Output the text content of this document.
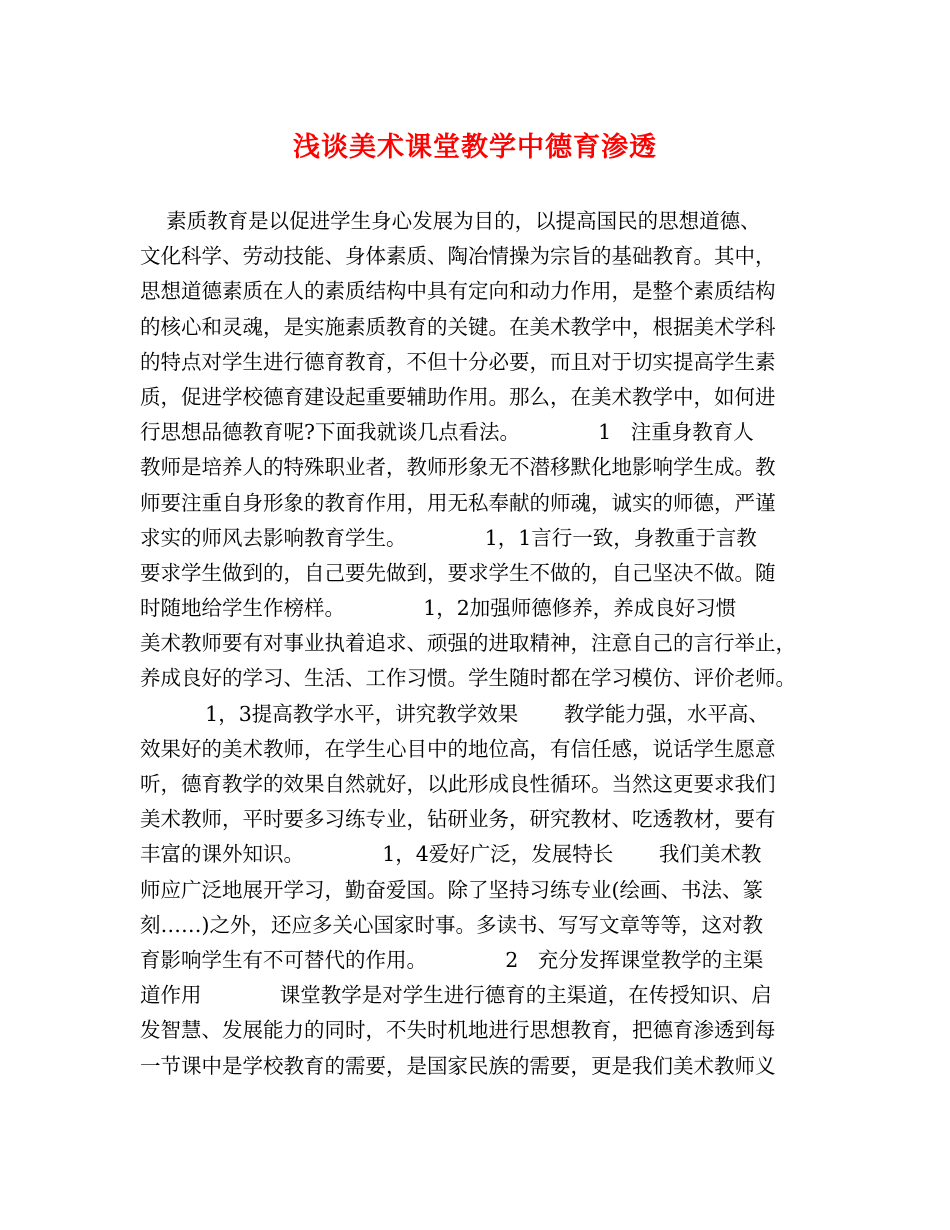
浅谈美术课堂教学中德育渗透
素质教育是以促进学生身心发展为目的，以提高国民的思想道德、
文化科学、劳动技能、身体素质、陶冶情操为宗旨的基础教育。其中，
思想道德素质在人的素质结构中具有定向和动力作用，是整个素质结构
的核心和灵魂，是实施素质教育的关键。在美术教学中，根据美术学科
的特点对学生进行德育教育，不但十分必要，而且对于切实提高学生素
质，促进学校德育建设起重要辅助作用。那么，在美术教学中，如何进
行思想品德教育呢?下面我就谈几点看法。            1   注重身教育人
教师是培养人的特殊职业者，教师形象无不潜移默化地影响学生成。教
师要注重自身形象的教育作用，用无私奉献的师魂，诚实的师德，严谨
求实的师风去影响教育学生。            1，1言行一致，身教重于言教
要求学生做到的，自己要先做到，要求学生不做的，自己坚决不做。随
时随地给学生作榜样。            1，2加强师德修养，养成良好习惯
美术教师要有对事业执着追求、顽强的进取精神，注意自己的言行举止，
养成良好的学习、生活、工作习惯。学生随时都在学习模仿、评价老师。
1，3提高教学水平，讲究教学效果       教学能力强，水平高、
效果好的美术教师，在学生心目中的地位高，有信任感，说话学生愿意
听，德育教学的效果自然就好，以此形成良性循环。当然这更要求我们
美术教师，平时要多习练专业，钻研业务，研究教材、吃透教材，要有
丰富的课外知识。            1，4爱好广泛，发展特长       我们美术教
师应广泛地展开学习，勤奋爱国。除了坚持习练专业(绘画、书法、篆
刻……)之外，还应多关心国家时事。多读书、写写文章等等，这对教
育影响学生有不可替代的作用。            2   充分发挥课堂教学的主渠
道作用            课堂教学是对学生进行德育的主渠道，在传授知识、启
发智慧、发展能力的同时，不失时机地进行思想教育，把德育渗透到每
一节课中是学校教育的需要，是国家民族的需要，更是我们美术教师义
